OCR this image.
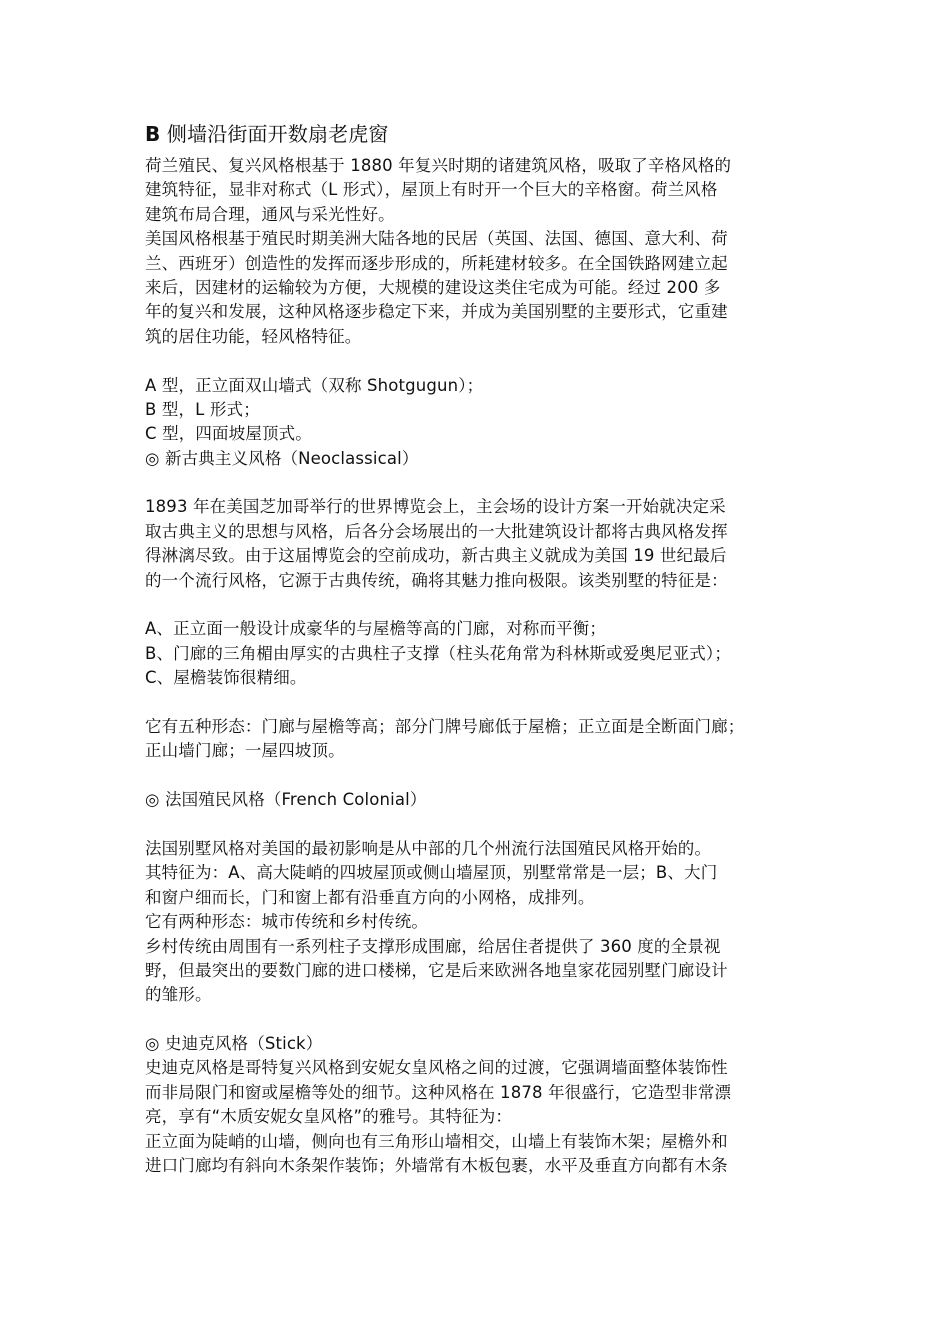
B 侧墙沿街面开数扇老虎窗
荷兰殖民、复兴风格根基于 1880 年复兴时期的诸建筑风格，吸取了辛格风格的
建筑特征，显非对称式（L 形式），屋顶上有时开一个巨大的辛格窗。荷兰风格
建筑布局合理，通风与采光性好。
美国风格根基于殖民时期美洲大陆各地的民居（英国、法国、德国、意大利、荷
兰、西班牙）创造性的发挥而逐步形成的，所耗建材较多。在全国铁路网建立起
来后，因建材的运输较为方便，大规模的建设这类住宅成为可能。经过 200 多
年的复兴和发展，这种风格逐步稳定下来，并成为美国别墅的主要形式，它重建
筑的居住功能，轻风格特征。
A 型，正立面双山墙式（双称 Shotgugun）；
B 型，L 形式；
C 型，四面坡屋顶式。
◎ 新古典主义风格（Neoclassical）
1893 年在美国芝加哥举行的世界博览会上，主会场的设计方案一开始就决定采
取古典主义的思想与风格，后各分会场展出的一大批建筑设计都将古典风格发挥
得淋漓尽致。由于这届博览会的空前成功，新古典主义就成为美国 19 世纪最后
的一个流行风格，它源于古典传统，确将其魅力推向极限。该类别墅的特征是：
A、正立面一般设计成豪华的与屋檐等高的门廊，对称而平衡；
B、门廊的三角楣由厚实的古典柱子支撑（柱头花角常为科林斯或爱奥尼亚式）；
C、屋檐装饰很精细。
它有五种形态：门廊与屋檐等高；部分门牌号廊低于屋檐；正立面是全断面门廊；
正山墙门廊；一屋四坡顶。
◎ 法国殖民风格（French Colonial）
法国别墅风格对美国的最初影响是从中部的几个州流行法国殖民风格开始的。
其特征为：A、高大陡峭的四坡屋顶或侧山墙屋顶，别墅常常是一层；B、大门
和窗户细而长，门和窗上都有沿垂直方向的小网格，成排列。
它有两种形态：城市传统和乡村传统。
乡村传统由周围有一系列柱子支撑形成围廊，给居住者提供了 360 度的全景视
野，但最突出的要数门廊的进口楼梯，它是后来欧洲各地皇家花园别墅门廊设计
的雏形。
◎ 史迪克风格（Stick）
史迪克风格是哥特复兴风格到安妮女皇风格之间的过渡，它强调墙面整体装饰性
而非局限门和窗或屋檐等处的细节。这种风格在 1878 年很盛行，它造型非常漂
亮，享有“木质安妮女皇风格”的雅号。其特征为：
正立面为陡峭的山墙，侧向也有三角形山墙相交，山墙上有装饰木架；屋檐外和
进口门廊均有斜向木条架作装饰；外墙常有木板包裹，水平及垂直方向都有木条
